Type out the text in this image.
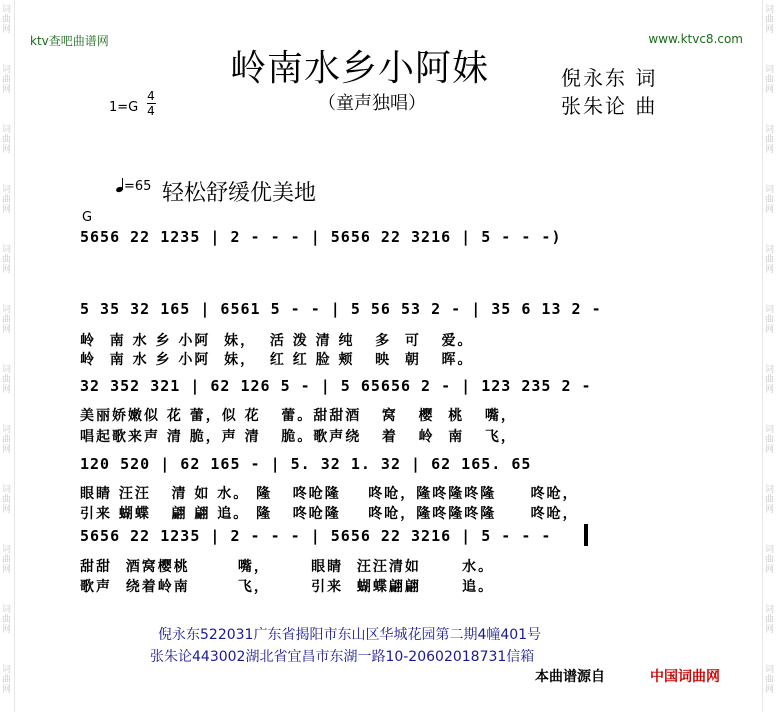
词
曲
网
词
曲
网
词
曲
网
词
曲
网
词
曲
网
词
曲
网
词
曲
网
词
曲
网
词
曲
网
词
曲
网
词
曲
网
词
曲
网
词
曲
网
词
曲
网
词
曲
网
词
曲
网
词
曲
网
词
曲
网
词
曲
网
词
曲
网
词
曲
网
词
曲
网
词
曲
网
词
曲
网
ktv查吧曲谱网	www.ktvc8.com
岭南水乡小阿妹
（童声独唱）
倪永东 词
张朱论 曲
1=G
4
4
=65 轻松舒缓优美地
G
5656 22 1235 | 2 - - - | 5656 22 3216 | 5 - - -)
5 35 32 165 | 6561 5 - - | 5 56 53 2 - | 35 6 13 2 -
岭  南 水 乡 小阿  妹，  活 泼 清 纯   多  可   爱。
岭  南 水 乡 小阿  妹，  红 红 脸 颊   映  朝   晖。
32 352 321 | 62 126 5 - | 5 65656 2 - | 123 235 2 -
美丽娇嫩似 花 蕾，似 花   蕾。甜甜酒   窝   樱  桃   嘴，
唱起歌来声 清 脆，声 清   脆。歌声绕   着   岭  南   飞，
120 520 | 62 165 - | 5. 32 1. 32 | 62 165. 65
眼睛 汪汪   清 如 水。 隆   咚呛隆    咚呛，隆咚隆咚隆     咚呛，
引来 蝴蝶   翩 翩 追。 隆   咚呛隆    咚呛，隆咚隆咚隆     咚呛，
5656 22 1235 | 2 - - - | 5656 22 3216 | 5 - - -
甜甜  酒窝樱桃       嘴，      眼睛  汪汪清如      水。
歌声  绕着岭南       飞，      引来  蝴蝶翩翩      追。
倪永东522031广东省揭阳市东山区华城花园第二期4幢401号
张朱论443002湖北省宜昌市东湖一路10-20602018731信箱
本曲谱源自	中国词曲网
